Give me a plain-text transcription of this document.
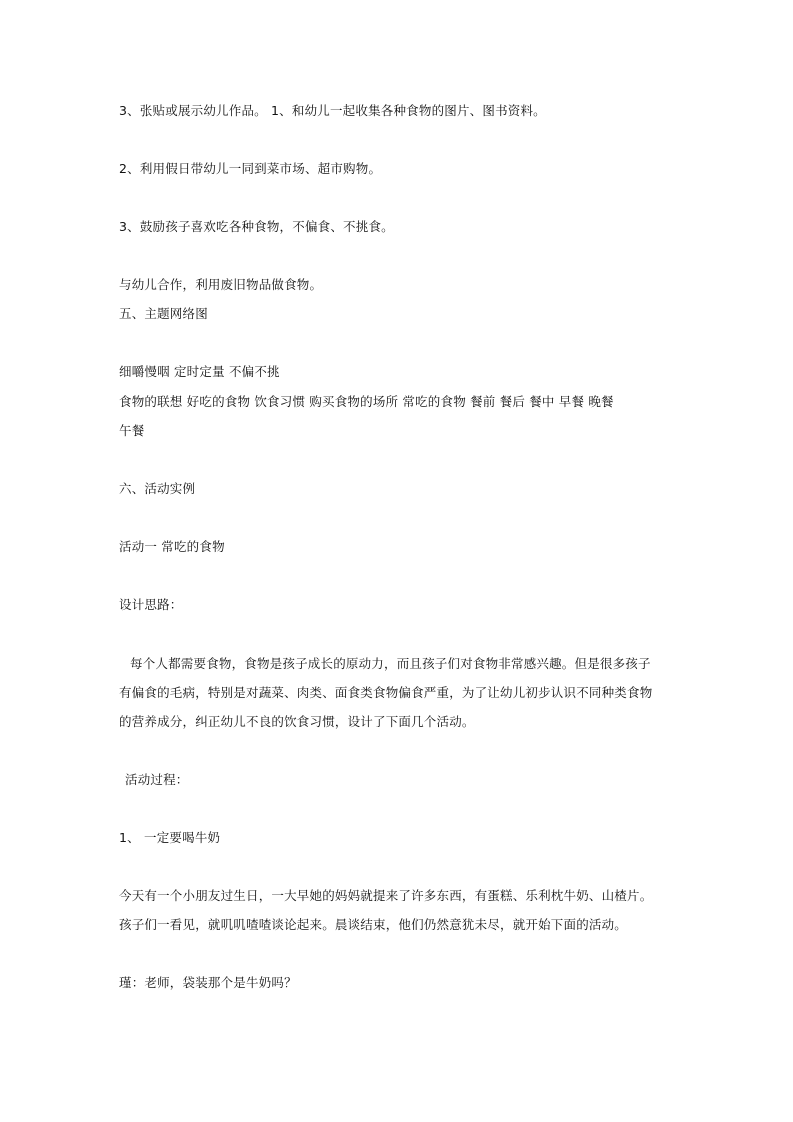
3、张贴或展示幼儿作品。 1、和幼儿一起收集各种食物的图片、图书资料。
2、利用假日带幼儿一同到菜市场、超市购物。
3、鼓励孩子喜欢吃各种食物，不偏食、不挑食。
与幼儿合作，利用废旧物品做食物。
五、主题网络图
细嚼慢咽 定时定量 不偏不挑
食物的联想 好吃的食物 饮食习惯 购买食物的场所 常吃的食物 餐前 餐后 餐中 早餐 晚餐
午餐
六、活动实例
活动一 常吃的食物
设计思路：
每个人都需要食物，食物是孩子成长的原动力，而且孩子们对食物非常感兴趣。但是很多孩子
有偏食的毛病，特别是对蔬菜、肉类、面食类食物偏食严重，为了让幼儿初步认识不同种类食物
的营养成分，纠正幼儿不良的饮食习惯，设计了下面几个活动。
活动过程：
1、 一定要喝牛奶
今天有一个小朋友过生日，一大早她的妈妈就提来了许多东西，有蛋糕、乐利枕牛奶、山楂片。
孩子们一看见，就叽叽喳喳谈论起来。晨谈结束，他们仍然意犹未尽，就开始下面的活动。
瑾：老师，袋装那个是牛奶吗？
